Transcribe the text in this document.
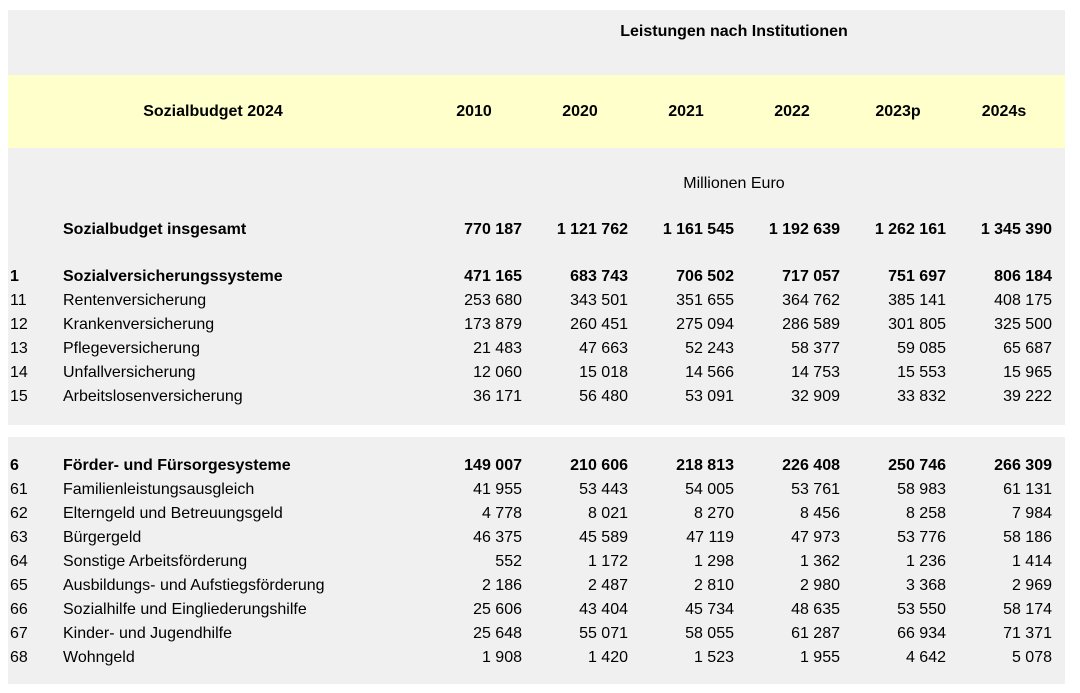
Leistungen nach Institutionen
Sozialbudget 2024	2010	2020	2021	2022	2023p	2024s
Millionen Euro
Sozialbudget insgesamt	770 187	1 121 762	1 161 545	1 192 639	1 262 161	1 345 390
1	Sozialversicherungssysteme	471 165	683 743	706 502	717 057	751 697	806 184
11	Rentenversicherung	253 680	343 501	351 655	364 762	385 141	408 175
12	Krankenversicherung	173 879	260 451	275 094	286 589	301 805	325 500
13	Pflegeversicherung	21 483	47 663	52 243	58 377	59 085	65 687
14	Unfallversicherung	12 060	15 018	14 566	14 753	15 553	15 965
15	Arbeitslosenversicherung	36 171	56 480	53 091	32 909	33 832	39 222
6	Förder- und Fürsorgesysteme	149 007	210 606	218 813	226 408	250 746	266 309
61	Familienleistungsausgleich	41 955	53 443	54 005	53 761	58 983	61 131
62	Elterngeld und Betreuungsgeld	4 778	8 021	8 270	8 456	8 258	7 984
63	Bürgergeld	46 375	45 589	47 119	47 973	53 776	58 186
64	Sonstige Arbeitsförderung	552	1 172	1 298	1 362	1 236	1 414
65	Ausbildungs- und Aufstiegsförderung	2 186	2 487	2 810	2 980	3 368	2 969
66	Sozialhilfe und Eingliederungshilfe	25 606	43 404	45 734	48 635	53 550	58 174
67	Kinder- und Jugendhilfe	25 648	55 071	58 055	61 287	66 934	71 371
68	Wohngeld	1 908	1 420	1 523	1 955	4 642	5 078
